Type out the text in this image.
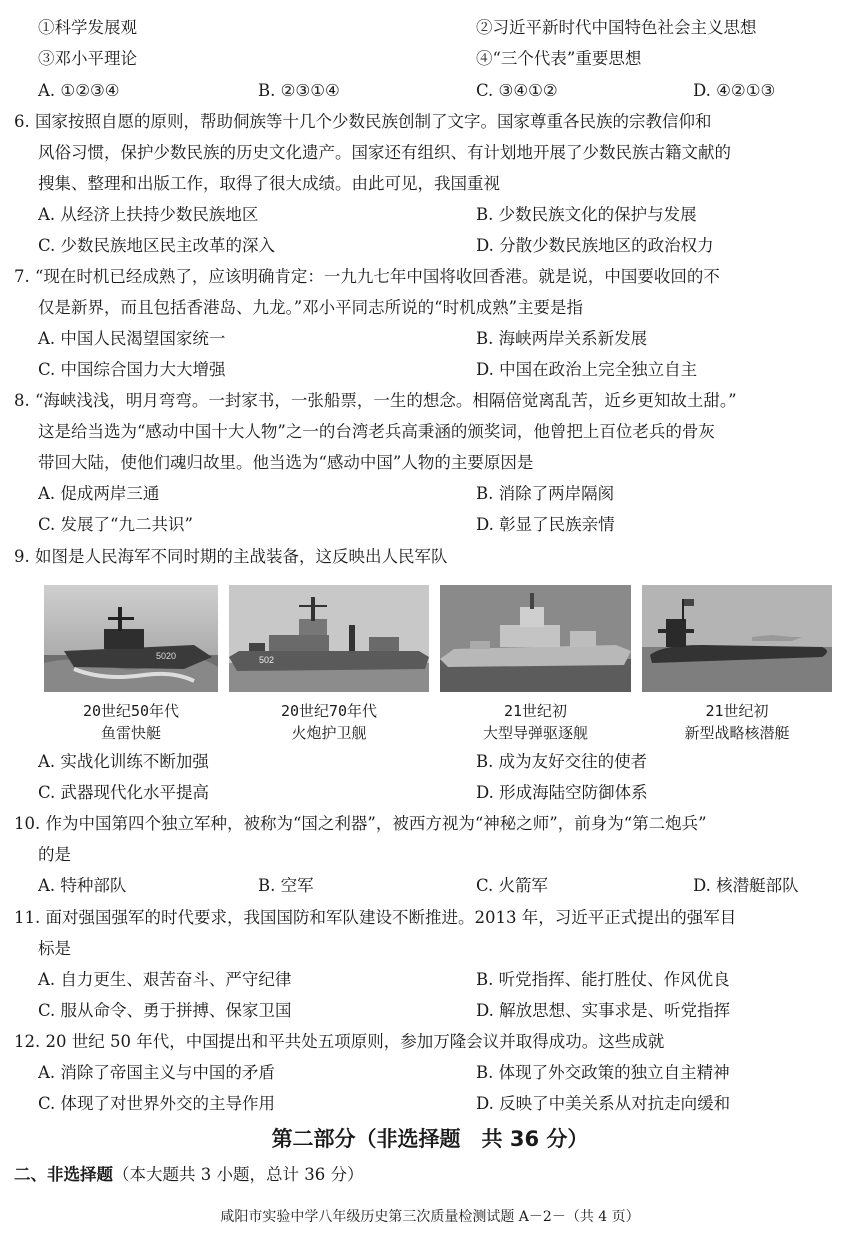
①科学发展观	②习近平新时代中国特色社会主义思想
③邓小平理论	④“三个代表”重要思想
A. ①②③④	B. ②③①④	C. ③④①②	D. ④②①③
6. 国家按照自愿的原则，帮助侗族等十几个少数民族创制了文字。国家尊重各民族的宗教信仰和
风俗习惯，保护少数民族的历史文化遗产。国家还有组织、有计划地开展了少数民族古籍文献的
搜集、整理和出版工作，取得了很大成绩。由此可见，我国重视
A. 从经济上扶持少数民族地区	B. 少数民族文化的保护与发展
C. 少数民族地区民主改革的深入	D. 分散少数民族地区的政治权力
7. “现在时机已经成熟了，应该明确肯定：一九九七年中国将收回香港。就是说，中国要收回的不
仅是新界，而且包括香港岛、九龙。”邓小平同志所说的“时机成熟”主要是指
A. 中国人民渴望国家统一	B. 海峡两岸关系新发展
C. 中国综合国力大大增强	D. 中国在政治上完全独立自主
8. “海峡浅浅，明月弯弯。一封家书，一张船票，一生的想念。相隔倍觉离乱苦，近乡更知故土甜。”
这是给当选为“感动中国十大人物”之一的台湾老兵高秉涵的颁奖词，他曾把上百位老兵的骨灰
带回大陆，使他们魂归故里。他当选为“感动中国”人物的主要原因是
A. 促成两岸三通	B. 消除了两岸隔阂
C. 发展了“九二共识”	D. 彰显了民族亲情
9. 如图是人民海军不同时期的主战装备，这反映出人民军队
5020	502
20世纪50年代
鱼雷快艇
20世纪70年代
火炮护卫舰
21世纪初
大型导弹驱逐舰
21世纪初
新型战略核潜艇
A. 实战化训练不断加强	B. 成为友好交往的使者
C. 武器现代化水平提高	D. 形成海陆空防御体系
10. 作为中国第四个独立军种，被称为“国之利器”，被西方视为“神秘之师”，前身为“第二炮兵”
的是
A. 特种部队	B. 空军	C. 火箭军	D. 核潜艇部队
11. 面对强国强军的时代要求，我国国防和军队建设不断推进。2013 年，习近平正式提出的强军目
标是
A. 自力更生、艰苦奋斗、严守纪律	B. 听党指挥、能打胜仗、作风优良
C. 服从命令、勇于拼搏、保家卫国	D. 解放思想、实事求是、听党指挥
12. 20 世纪 50 年代，中国提出和平共处五项原则，参加万隆会议并取得成功。这些成就
A. 消除了帝国主义与中国的矛盾	B. 体现了外交政策的独立自主精神
C. 体现了对世界外交的主导作用	D. 反映了中美关系从对抗走向缓和
第二部分（非选择题　共 36 分）
二、非选择题（本大题共 3 小题，总计 36 分）
咸阳市实验中学八年级历史第三次质量检测试题 A－2－（共 4 页）
